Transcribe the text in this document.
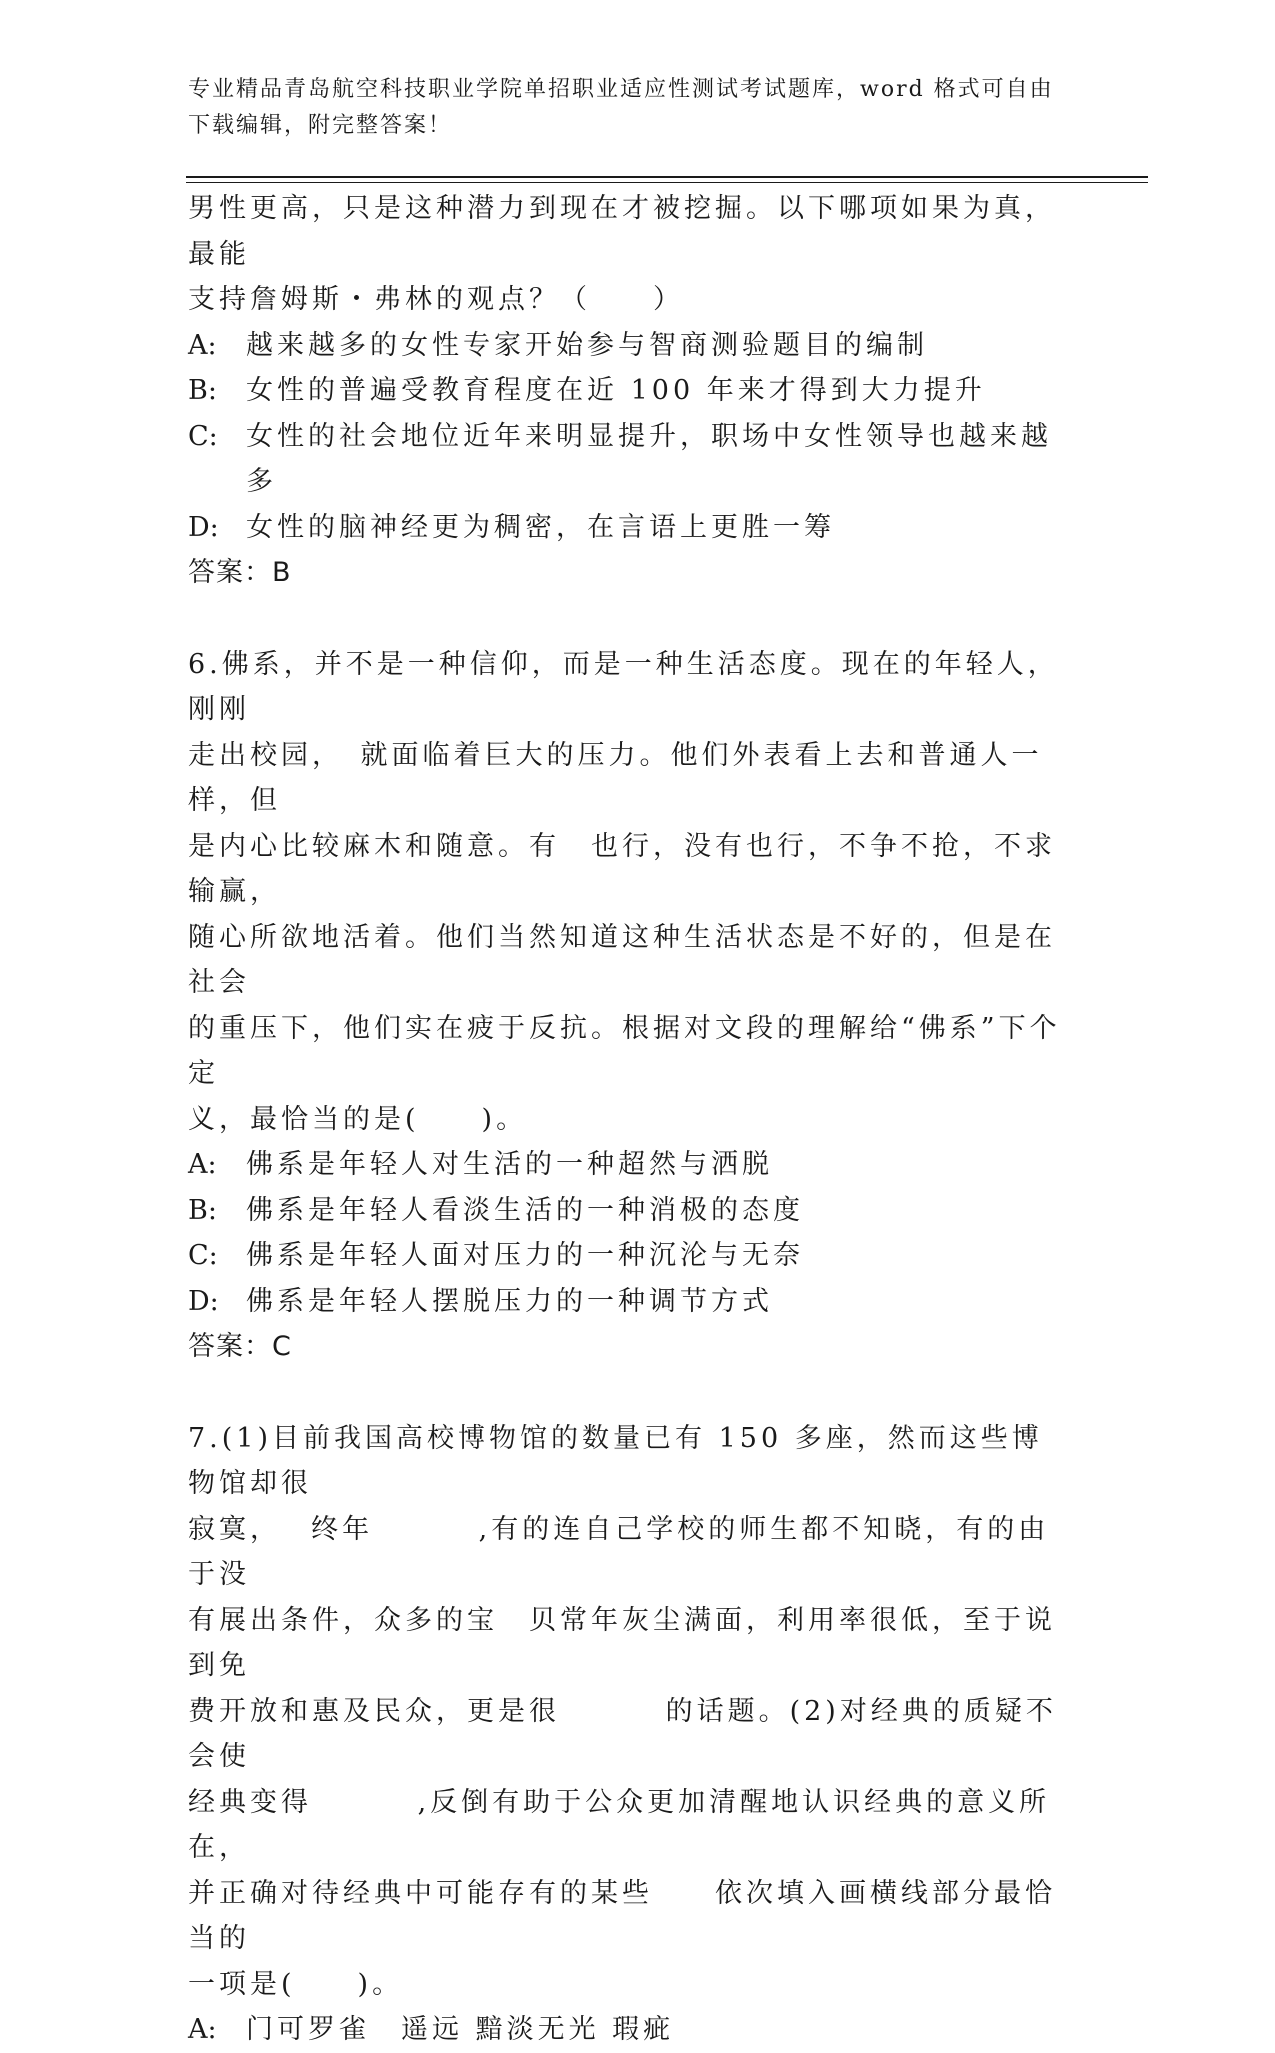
专业精品青岛航空科技职业学院单招职业适应性测试考试题库，word 格式可自由
下载编辑，附完整答案！
男性更高，只是这种潜力到现在才被挖掘。以下哪项如果为真，最能
支持詹姆斯・弗林的观点？（　　）
A:	越来越多的女性专家开始参与智商测验题目的编制
B:	女性的普遍受教育程度在近 100 年来才得到大力提升
C:	女性的社会地位近年来明显提升，职场中女性领导也越来越多
D:	女性的脑神经更为稠密，在言语上更胜一筹
答案：B
6.佛系，并不是一种信仰，而是一种生活态度。现在的年轻人，刚刚
走出校园，　就面临着巨大的压力。他们外表看上去和普通人一样，但
是内心比较麻木和随意。有　也行，没有也行，不争不抢，不求输赢，
随心所欲地活着。他们当然知道这种生活状态是不好的，但是在社会
的重压下，他们实在疲于反抗。根据对文段的理解给“佛系”下个定
义，最恰当的是(　　)。
A:	佛系是年轻人对生活的一种超然与洒脱
B:	佛系是年轻人看淡生活的一种消极的态度
C:	佛系是年轻人面对压力的一种沉沦与无奈
D:	佛系是年轻人摆脱压力的一种调节方式
答案：C
7.(1)目前我国高校博物馆的数量已有 150 多座，然而这些博物馆却很
寂寞，　 终年　　　 ,有的连自己学校的师生都不知晓，有的由于没
有展出条件，众多的宝　贝常年灰尘满面，利用率很低，至于说到免
费开放和惠及民众，更是很　　　 的话题。(2)对经典的质疑不会使
经典变得　　　 ,反倒有助于公众更加清醒地认识经典的意义所在，
并正确对待经典中可能存有的某些　　依次填入画横线部分最恰当的
一项是(　　)。
A:	门可罗雀　遥远 黯淡无光 瑕疵
